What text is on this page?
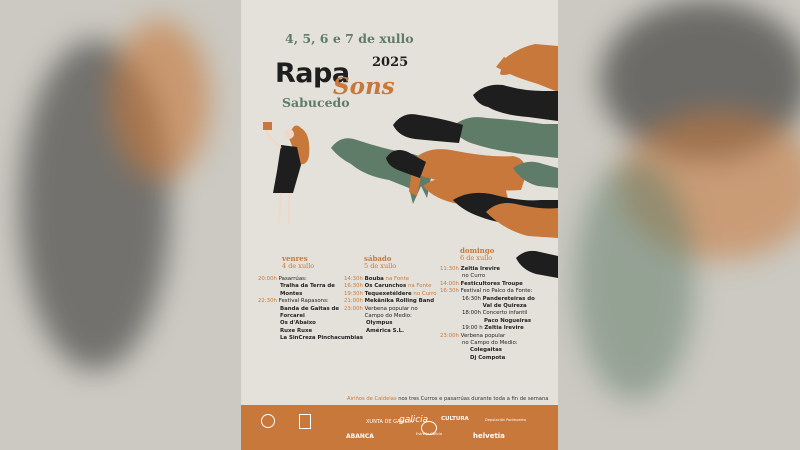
4, 5, 6 e 7 de xullo
Rapa 2025
Sons
Sabucedo
venres
4 de xullo
20:00h Pasarrúas:
Tralha da Terra de Montes
22:30h Festival Rapasons:
Banda de Gaitas de Forcarei
Os d'Abaixo
Ruxe Ruxe
La SinCreza Pinchacumbias
sábado
5 de xullo
14:30h Bouba na Fonte
16:30h Os Carunchos na Fonte
19:30h Tequexetéldere no Curro
21:00h Mekânika Rolling Band
23:00h Verbena popular no Campo do Medio:
Olympus
América S.L.
domingo
6 de xullo
11:30h Zeltia Irevire
no Curro
14:00h Festicultores Troupe
16:30h Festival no Palco da Fonte:
16:30h Pandereteiras do Val de Quireza
18:00h Concerto infantil
Paco Nogueiras
19:00 h Zeltia Irevire
23:00h Verbena popular
no Campo do Medio:
Colegaitas
Dj Compota
Airiños de Caldelas nos tres Curros e pasarrúas durante toda a fin de semana
XUNTA DE GALICIA
galicia CULTURA	Deputación Pontevedra
ABANCA	Estrella Galicia	helvetia
